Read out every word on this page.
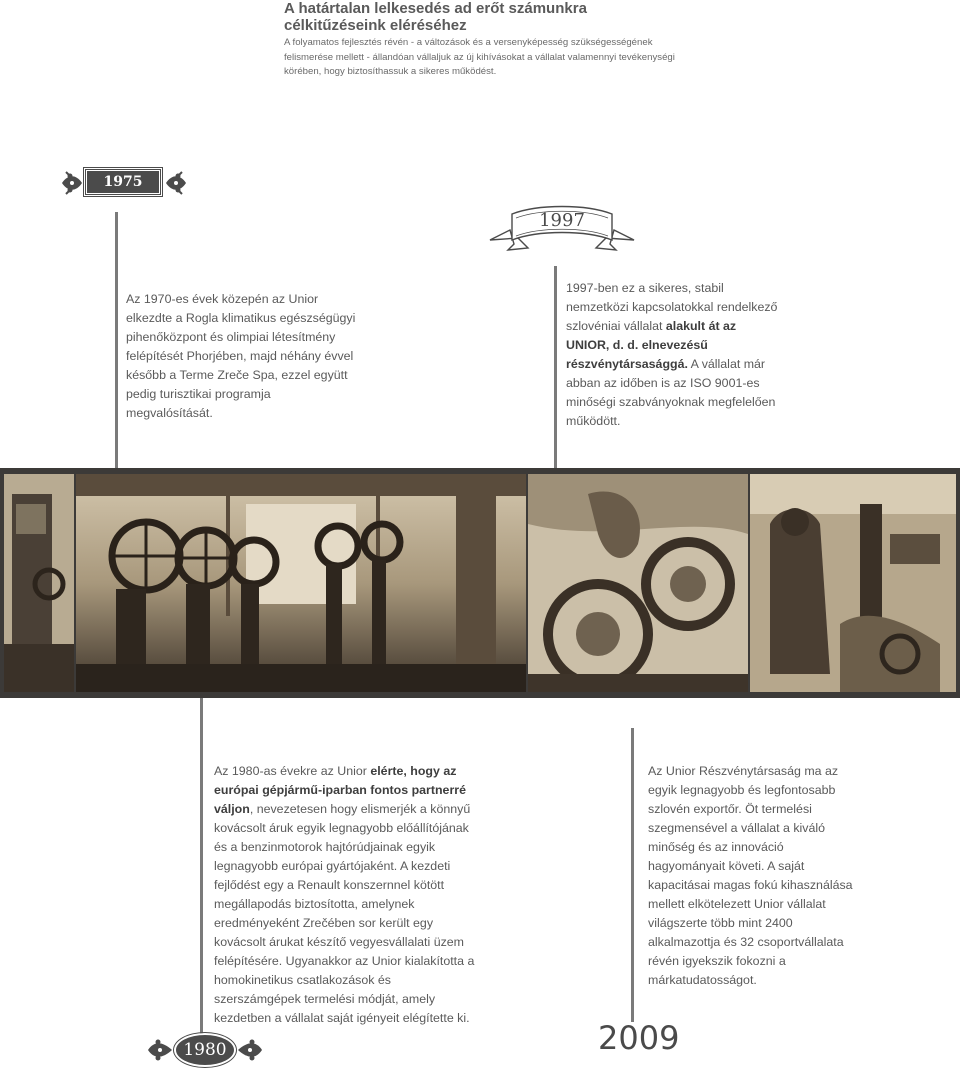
A határtalan lelkesedés ad erőt számunkra
célkitűzéseink eléréséhez

A folyamatos fejlesztés révén - a változások és a versenyképesség szükségességének felismerése mellett - állandóan vállaljuk az új kihívásokat a vállalat valamennyi tevékenységi körében, hogy biztosíthassuk a sikeres működést.

1975
1997
Az 1970-es évek közepén az Unior elkezdte a Rogla klimatikus egészségügyi pihenőközpont és olimpiai létesítmény felépítését Phorjében, majd néhány évvel később a Terme Zreče Spa, ezzel együtt pedig turisztikai programja megvalósítását.
1997-ben ez a sikeres, stabil nemzetközi kapcsolatokkal rendelkező szlovéniai vállalat alakult át az UNIOR, d. d. elnevezésű részvénytársasággá. A vállalat már abban az időben is az ISO 9001-es minőségi szabványoknak megfelelően működött.
Az 1980-as évekre az Unior elérte, hogy az európai gépjármű-iparban fontos partnerré váljon, nevezetesen hogy elismerjék a könnyű kovácsolt áruk egyik legnagyobb előállítójának és a benzinmotorok hajtórúdjainak egyik legnagyobb európai gyártójaként. A kezdeti fejlődést egy a Renault konszernnel kötött megállapodás biztosította, amelynek eredményeként Zrečében sor került egy kovácsolt árukat készítő vegyesvállalati üzem felépítésére. Ugyanakkor az Unior kialakította a homokinetikus csatlakozások és szerszámgépek termelési módját, amely kezdetben a vállalat saját igényeit elégítette ki.
Az Unior Részvénytársaság ma az egyik legnagyobb és legfontosabb szlovén exportőr. Öt termelési szegmensével a vállalat a kiváló minőség és az innováció hagyományait követi. A saját kapacitásai magas fokú kihasználása mellett elkötelezett Unior vállalat világszerte több mint 2400 alkalmazottja és 32 csoportvállalata révén igyekszik fokozni a márkatudatosságot.
2009
1980
